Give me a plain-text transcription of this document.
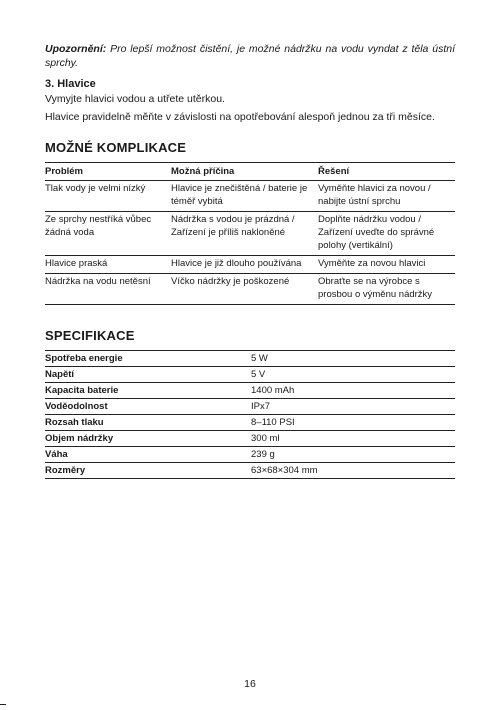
Upozornění: Pro lepší možnost čistění, je možné nádržku na vodu vyndat z těla ústní sprchy.
3. Hlavice
Vymyjte hlavici vodou a utřete utěrkou.
Hlavice pravidelně měňte v závislosti na opotřebování alespoň jednou za tři měsíce.
MOŽNÉ KOMPLIKACE
Problém	Možná příčina	Řešení
Tlak vody je velmi nízký	Hlavice je znečištěná / baterie je téměř vybitá	Vyměňte hlavici za novou / nabijte ústní sprchu
Ze sprchy nestříká vůbec žádná voda	Nádržka s vodou je prázdná / Zařízení je příliš nakloněné	Doplňte nádržku vodou / Zařízení uveďte do správné polohy (vertikální)
Hlavice praská	Hlavice je již dlouho používána	Vyměňte za novou hlavici
Nádržka na vodu netěsní	Víčko nádržky je poškozené	Obraťte se na výrobce s prosbou o výměnu nádržky
SPECIFIKACE
Spotřeba energie	5 W
Napětí	5 V
Kapacita baterie	1400 mAh
Voděodolnost	IPx7
Rozsah tlaku	8–110 PSI
Objem nádržky	300 ml
Váha	239 g
Rozměry	63×68×304 mm
16
